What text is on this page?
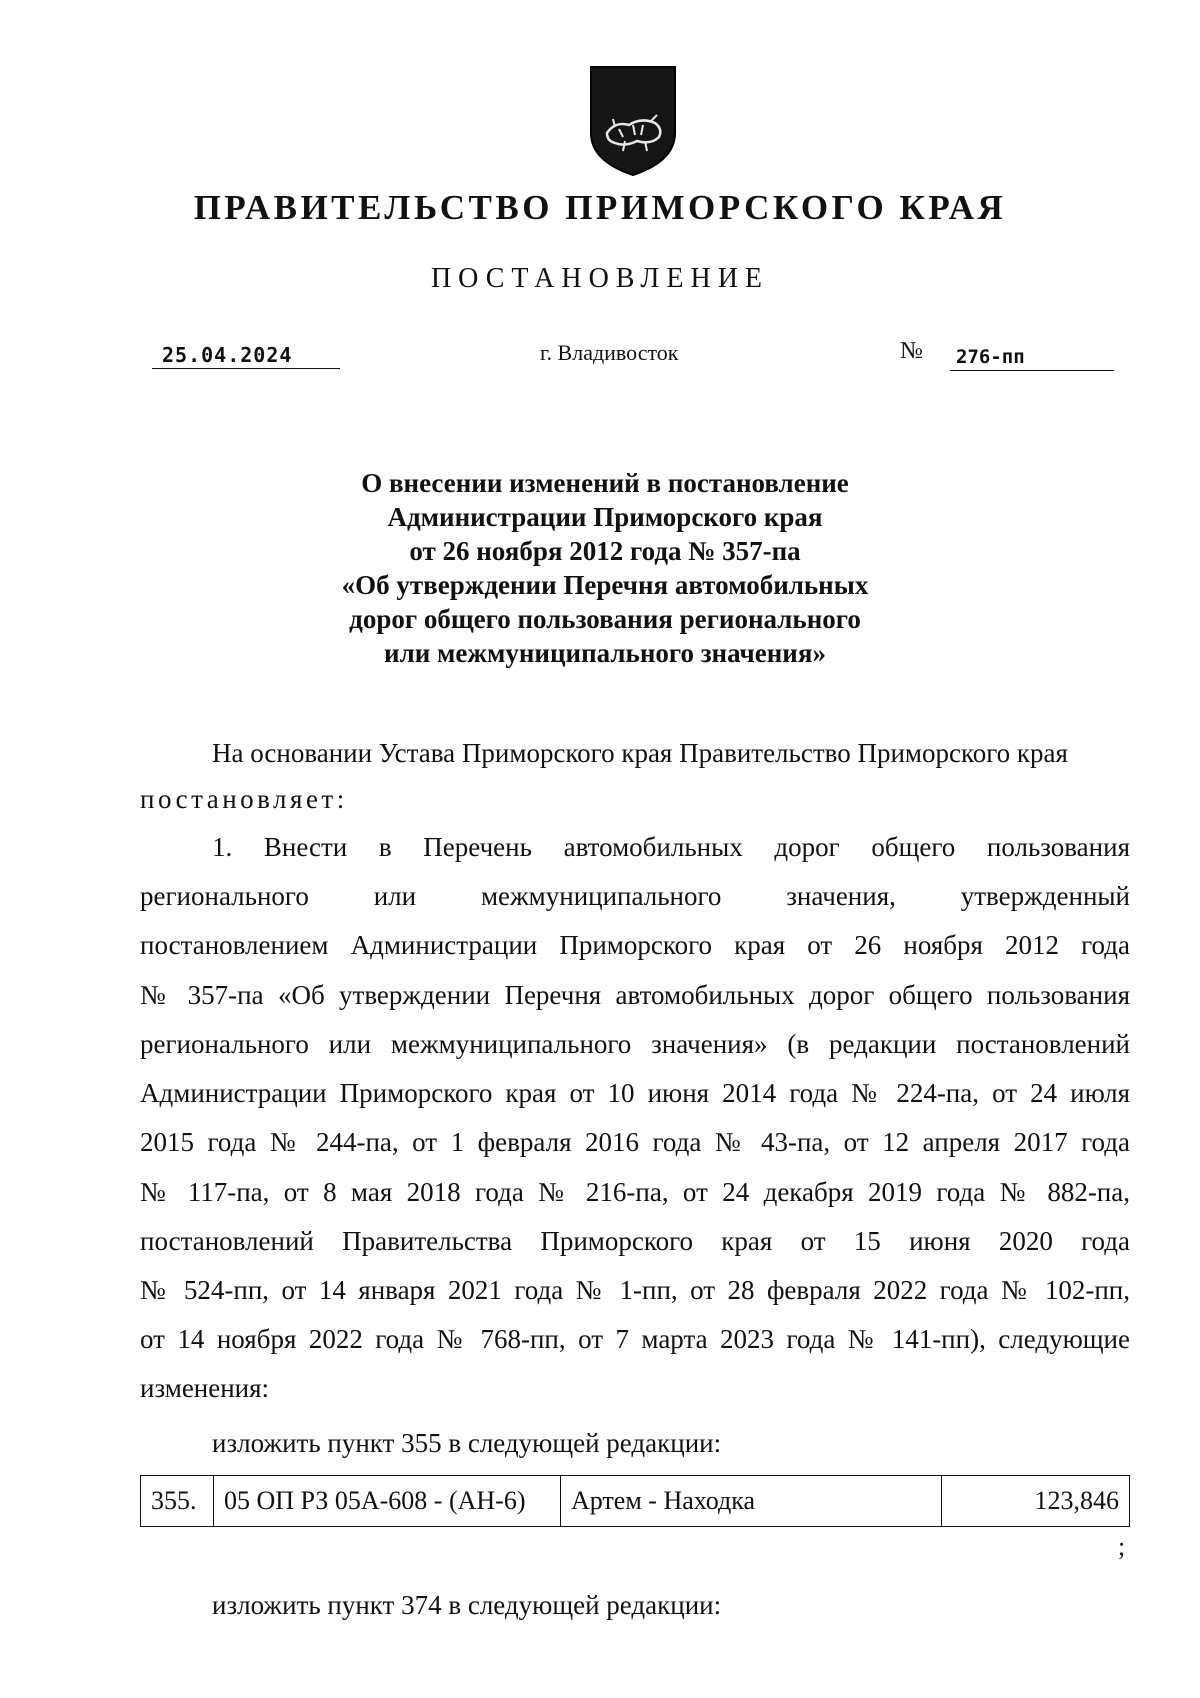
ПРАВИТЕЛЬСТВО ПРИМОРСКОГО КРАЯ
ПОСТАНОВЛЕНИЕ
25.04.2024	г. Владивосток	№	276-пп
О внесении изменений в постановление
Администрации Приморского края
от 26 ноября 2012 года № 357-па
«Об утверждении Перечня автомобильных
дорог общего пользования регионального
или межмуниципального значения»
На основании Устава Приморского края Правительство Приморского края
постановляет:
1. Внести в Перечень автомобильных дорог общего пользования
регионального или межмуниципального значения, утвержденный
постановлением Администрации Приморского края от 26 ноября 2012 года
№ 357-па «Об утверждении Перечня автомобильных дорог общего пользования
регионального или межмуниципального значения» (в редакции постановлений
Администрации Приморского края от 10 июня 2014 года № 224-па, от 24 июля
2015 года № 244-па, от 1 февраля 2016 года № 43-па, от 12 апреля 2017 года
№ 117-па, от 8 мая 2018 года № 216-па, от 24 декабря 2019 года № 882-па,
постановлений Правительства Приморского края от 15 июня 2020 года
№ 524-пп, от 14 января 2021 года № 1-пп, от 28 февраля 2022 года № 102-пп,
от 14 ноября 2022 года № 768-пп, от 7 марта 2023 года № 141-пп), следующие
изменения:
изложить пункт 355 в следующей редакции:
355.	05 ОП РЗ 05А-608 - (АН-6)	Артем - Находка	123,846
;
изложить пункт 374 в следующей редакции:
